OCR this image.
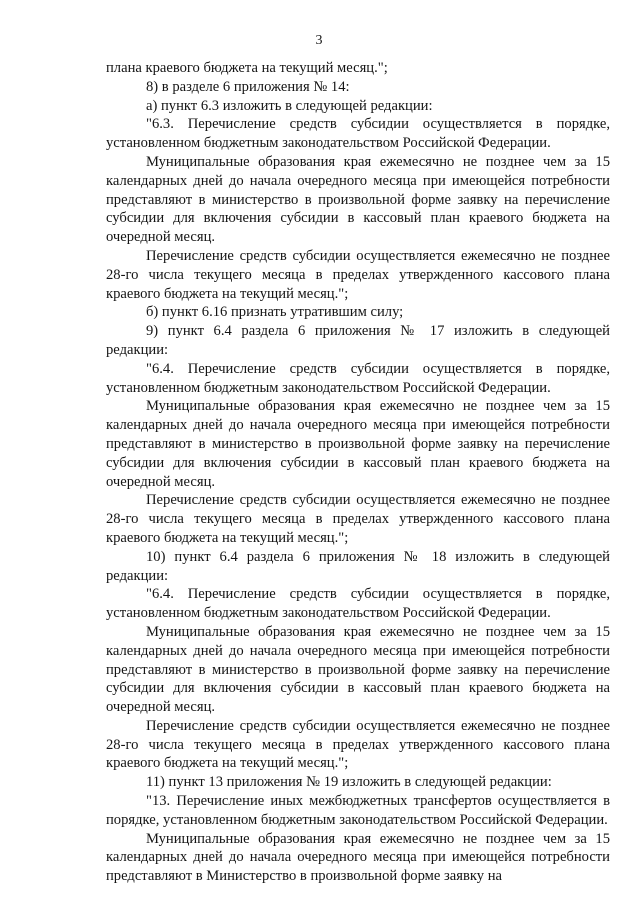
3

плана краевого бюджета на текущий месяц.";

8) в разделе 6 приложения № 14:

а) пункт 6.3 изложить в следующей редакции:

"6.3. Перечисление средств субсидии осуществляется в порядке, установленном бюджетным законодательством Российской Федерации.

Муниципальные образования края ежемесячно не позднее чем за 15 календарных дней до начала очередного месяца при имеющейся потребности представляют в министерство в произвольной форме заявку на перечисление субсидии для включения субсидии в кассовый план краевого бюджета на очередной месяц.

Перечисление средств субсидии осуществляется ежемесячно не позднее 28-го числа текущего месяца в пределах утвержденного кассового плана краевого бюджета на текущий месяц.";

б) пункт 6.16 признать утратившим силу;

9) пункт 6.4 раздела 6 приложения № 17 изложить в следующей редакции:

"6.4. Перечисление средств субсидии осуществляется в порядке, установленном бюджетным законодательством Российской Федерации.

Муниципальные образования края ежемесячно не позднее чем за 15 календарных дней до начала очередного месяца при имеющейся потребности представляют в министерство в произвольной форме заявку на перечисление субсидии для включения субсидии в кассовый план краевого бюджета на очередной месяц.

Перечисление средств субсидии осуществляется ежемесячно не позднее 28-го числа текущего месяца в пределах утвержденного кассового плана краевого бюджета на текущий месяц.";

10) пункт 6.4 раздела 6 приложения № 18 изложить в следующей редакции:

"6.4. Перечисление средств субсидии осуществляется в порядке, установленном бюджетным законодательством Российской Федерации.

Муниципальные образования края ежемесячно не позднее чем за 15 календарных дней до начала очередного месяца при имеющейся потребности представляют в министерство в произвольной форме заявку на перечисление субсидии для включения субсидии в кассовый план краевого бюджета на очередной месяц.

Перечисление средств субсидии осуществляется ежемесячно не позднее 28-го числа текущего месяца в пределах утвержденного кассового плана краевого бюджета на текущий месяц.";

11) пункт 13 приложения № 19 изложить в следующей редакции:

"13. Перечисление иных межбюджетных трансфертов осуществляется в порядке, установленном бюджетным законодательством Российской Федерации.

Муниципальные образования края ежемесячно не позднее чем за 15 календарных дней до начала очередного месяца при имеющейся потребности представляют в Министерство в произвольной форме заявку на
